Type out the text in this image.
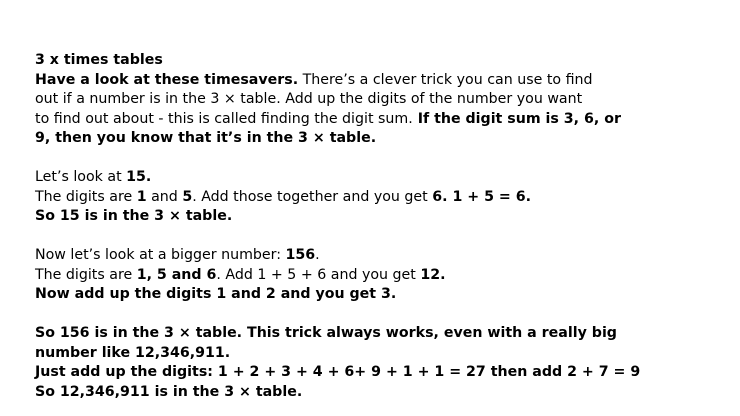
3 x times tables
Have a look at these timesavers. There’s a clever trick you can use to find
out if a number is in the 3 × table. Add up the digits of the number you want
to find out about - this is called finding the digit sum. If the digit sum is 3, 6, or
9, then you know that it’s in the 3 × table.
Let’s look at 15.
The digits are 1 and 5. Add those together and you get 6. 1 + 5 = 6.
So 15 is in the 3 × table.
Now let’s look at a bigger number: 156.
The digits are 1, 5 and 6. Add 1 + 5 + 6 and you get 12.
Now add up the digits 1 and 2 and you get 3.
So 156 is in the 3 × table. This trick always works, even with a really big
number like 12,346,911.
Just add up the digits: 1 + 2 + 3 + 4 + 6+ 9 + 1 + 1 = 27 then add 2 + 7 = 9
So 12,346,911 is in the 3 × table.
